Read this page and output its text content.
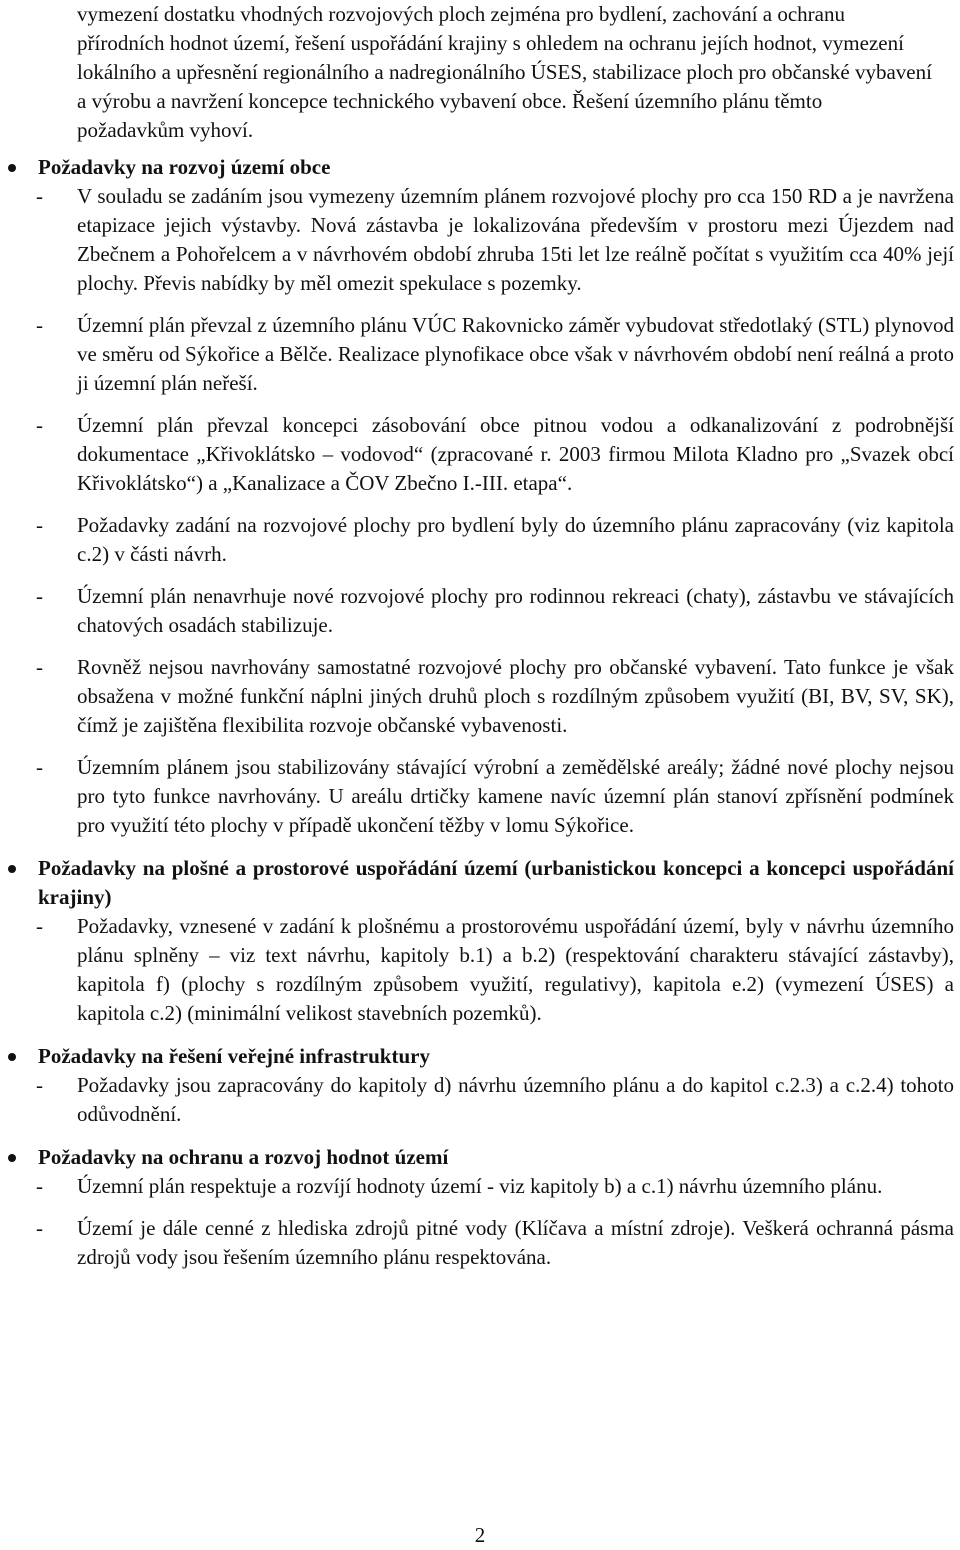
vymezení dostatku vhodných rozvojových ploch zejména pro bydlení, zachování a ochranu přírodních hodnot území, řešení uspořádání krajiny s ohledem na ochranu jejích hodnot, vymezení lokálního a upřesnění regionálního a nadregionálního ÚSES, stabilizace ploch pro občanské vybavení a výrobu a navržení koncepce technického vybavení obce. Řešení územního plánu těmto požadavkům vyhoví.
Požadavky na rozvoj území obce
- V souladu se zadáním jsou vymezeny územním plánem rozvojové plochy pro cca 150 RD a je navržena etapizace jejich výstavby. Nová zástavba je lokalizována především v prostoru mezi Újezdem nad Zbečnem a Pohořelcem a v návrhovém období zhruba 15ti let lze reálně počítat s využitím cca 40% její plochy. Převis nabídky by měl omezit spekulace s pozemky.
- Územní plán převzal z územního plánu VÚC Rakovnicko záměr vybudovat středotlaký (STL) plynovod ve směru od Sýkořice a Bělče. Realizace plynofikace obce však v návrhovém období není reálná a proto ji územní plán neřeší.
- Územní plán převzal koncepci zásobování obce pitnou vodou a odkanalizování z podrobnější dokumentace „Křivoklátsko – vodovod“ (zpracované r. 2003 firmou Milota Kladno pro „Svazek obcí Křivoklátsko“) a „Kanalizace a ČOV Zbečno I.-III. etapa“.
- Požadavky zadání na rozvojové plochy pro bydlení byly do územního plánu zapracovány (viz kapitola c.2) v části návrh.
- Územní plán nenavrhuje nové rozvojové plochy pro rodinnou rekreaci (chaty), zástavbu ve stávajících chatových osadách stabilizuje.
- Rovněž nejsou navrhovány samostatné rozvojové plochy pro občanské vybavení. Tato funkce je však obsažena v možné funkční náplni jiných druhů ploch s rozdílným způsobem využití (BI, BV, SV, SK), čímž je zajištěna flexibilita rozvoje občanské vybavenosti.
- Územním plánem jsou stabilizovány stávající výrobní a zemědělské areály; žádné nové plochy nejsou pro tyto funkce navrhovány. U areálu drtičky kamene navíc územní plán stanoví zpřísnění podmínek pro využití této plochy v případě ukončení těžby v lomu Sýkořice.
Požadavky na plošné a prostorové uspořádání území (urbanistickou koncepci a koncepci uspořádání krajiny)
- Požadavky, vznesené v zadání k plošnému a prostorovému uspořádání území, byly v návrhu územního plánu splněny – viz text návrhu, kapitoly b.1) a b.2) (respektování charakteru stávající zástavby), kapitola f) (plochy s rozdílným způsobem využití, regulativy), kapitola e.2) (vymezení ÚSES) a kapitola c.2) (minimální velikost stavebních pozemků).
Požadavky na řešení veřejné infrastruktury
- Požadavky jsou zapracovány do kapitoly d) návrhu územního plánu a do kapitol c.2.3) a c.2.4) tohoto odůvodnění.
Požadavky na ochranu a rozvoj hodnot území
- Územní plán respektuje a rozvíjí hodnoty území - viz kapitoly b) a c.1) návrhu územního plánu.
- Území je dále cenné z hlediska zdrojů pitné vody (Klíčava a místní zdroje). Veškerá ochranná pásma zdrojů vody jsou řešením územního plánu respektována.
2
